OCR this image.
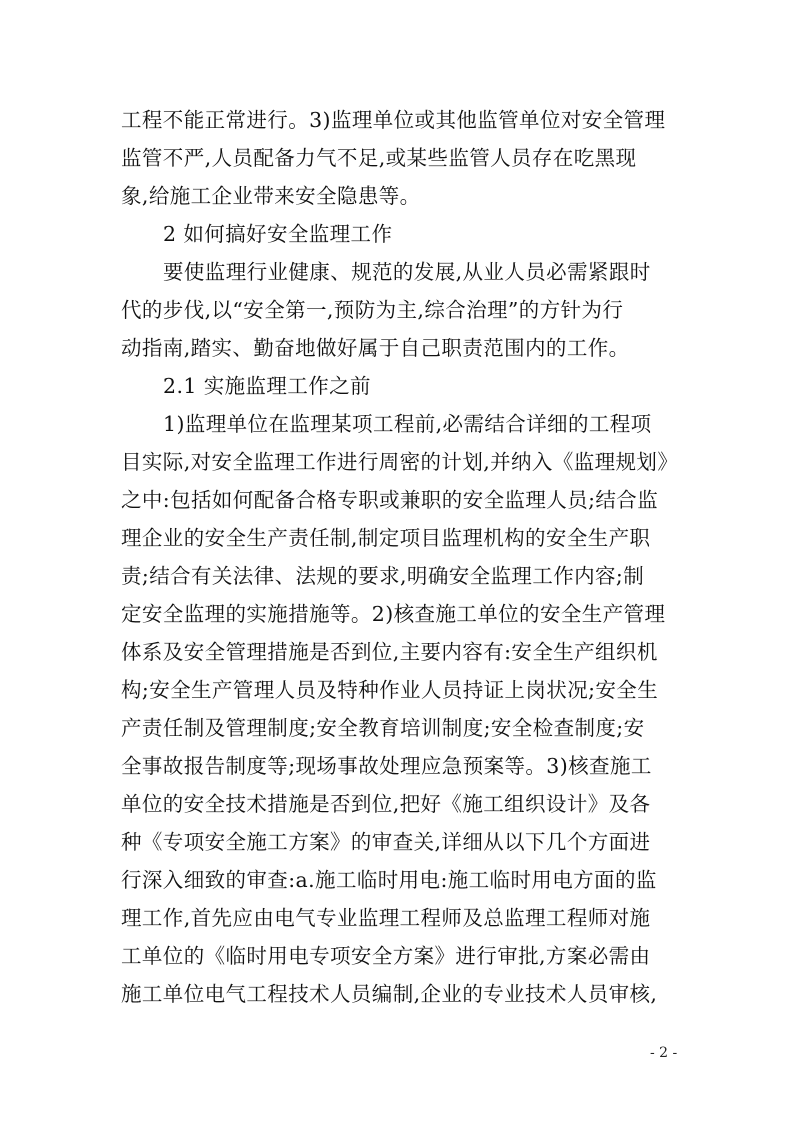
工程不能正常进行。3)监理单位或其他监管单位对安全管理
监管不严,人员配备力气不足,或某些监管人员存在吃黑现
象,给施工企业带来安全隐患等。
2 如何搞好安全监理工作
要使监理行业健康、规范的发展,从业人员必需紧跟时
代的步伐,以“安全第一,预防为主,综合治理”的方针为行
动指南,踏实、勤奋地做好属于自己职责范围内的工作。
2.1 实施监理工作之前
1)监理单位在监理某项工程前,必需结合详细的工程项
目实际,对安全监理工作进行周密的计划,并纳入《监理规划》
之中:包括如何配备合格专职或兼职的安全监理人员;结合监
理企业的安全生产责任制,制定项目监理机构的安全生产职
责;结合有关法律、法规的要求,明确安全监理工作内容;制
定安全监理的实施措施等。2)核查施工单位的安全生产管理
体系及安全管理措施是否到位,主要内容有:安全生产组织机
构;安全生产管理人员及特种作业人员持证上岗状况;安全生
产责任制及管理制度;安全教育培训制度;安全检查制度;安
全事故报告制度等;现场事故处理应急预案等。3)核查施工
单位的安全技术措施是否到位,把好《施工组织设计》及各
种《专项安全施工方案》的审查关,详细从以下几个方面进
行深入细致的审查:a.施工临时用电:施工临时用电方面的监
理工作,首先应由电气专业监理工程师及总监理工程师对施
工单位的《临时用电专项安全方案》进行审批,方案必需由
施工单位电气工程技术人员编制,企业的专业技术人员审核,
- 2 -
